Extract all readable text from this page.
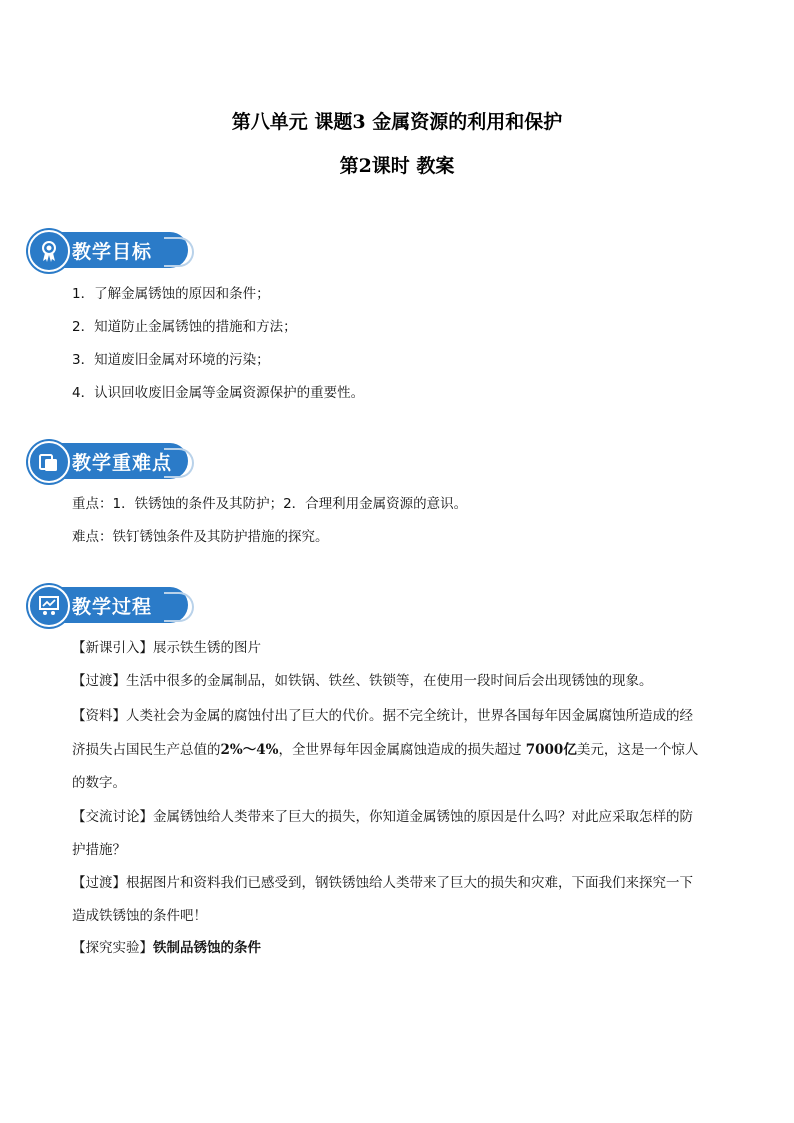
第八单元 课题3 金属资源的利用和保护
第2课时 教案
教学目标
1．了解金属锈蚀的原因和条件；
2．知道防止金属锈蚀的措施和方法；
3．知道废旧金属对环境的污染；
4．认识回收废旧金属等金属资源保护的重要性。
教学重难点
重点：1．铁锈蚀的条件及其防护；2．合理利用金属资源的意识。
难点：铁钉锈蚀条件及其防护措施的探究。
教学过程
【新课引入】展示铁生锈的图片
【过渡】生活中很多的金属制品，如铁锅、铁丝、铁锁等，在使用一段时间后会出现锈蚀的现象。
【资料】人类社会为金属的腐蚀付出了巨大的代价。据不完全统计，世界各国每年因金属腐蚀所造成的经
济损失占国民生产总值的2%～4%，全世界每年因金属腐蚀造成的损失超过 7000亿美元，这是一个惊人
的数字。
【交流讨论】金属锈蚀给人类带来了巨大的损失，你知道金属锈蚀的原因是什么吗？对此应采取怎样的防
护措施？
【过渡】根据图片和资料我们已感受到，钢铁锈蚀给人类带来了巨大的损失和灾难，下面我们来探究一下
造成铁锈蚀的条件吧！
【探究实验】铁制品锈蚀的条件
